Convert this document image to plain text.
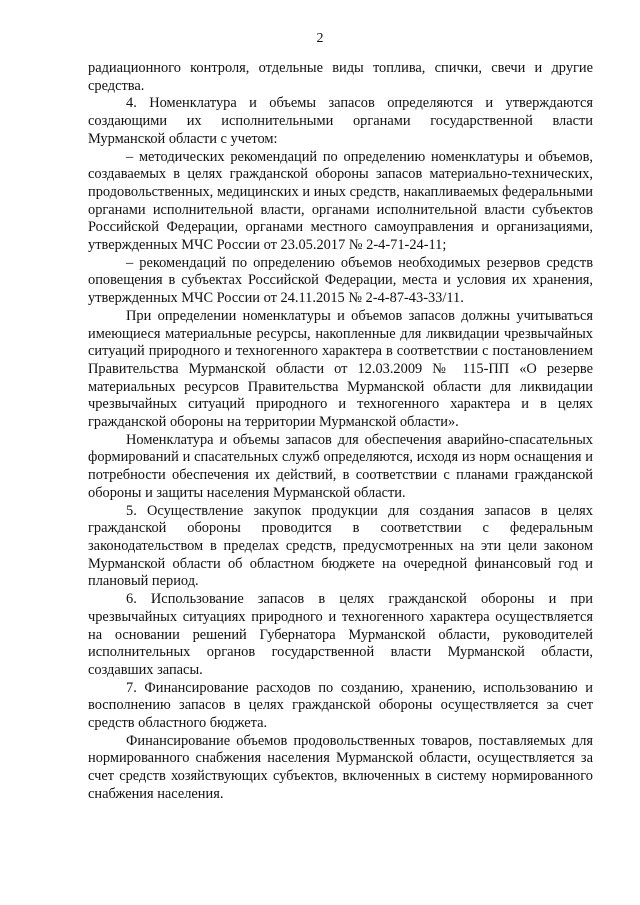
2

радиационного контроля, отдельные виды топлива, спички, свечи и другие средства.

4. Номенклатура и объемы запасов определяются и утверждаются создающими их исполнительными органами государственной власти Мурманской области с учетом:

– методических рекомендаций по определению номенклатуры и объемов, создаваемых в целях гражданской обороны запасов материально-технических, продовольственных, медицинских и иных средств, накапливаемых федеральными органами исполнительной власти, органами исполнительной власти субъектов Российской Федерации, органами местного самоуправления и организациями, утвержденных МЧС России от 23.05.2017 № 2-4-71-24-11;

– рекомендаций по определению объемов необходимых резервов средств оповещения в субъектах Российской Федерации, места и условия их хранения, утвержденных МЧС России от 24.11.2015 № 2-4-87-43-33/11.

При определении номенклатуры и объемов запасов должны учитываться имеющиеся материальные ресурсы, накопленные для ликвидации чрезвычайных ситуаций природного и техногенного характера в соответствии с постановлением Правительства Мурманской области от 12.03.2009 № 115-ПП «О резерве материальных ресурсов Правительства Мурманской области для ликвидации чрезвычайных ситуаций природного и техногенного характера и в целях гражданской обороны на территории Мурманской области».

Номенклатура и объемы запасов для обеспечения аварийно-спасательных формирований и спасательных служб определяются, исходя из норм оснащения и потребности обеспечения их действий, в соответствии с планами гражданской обороны и защиты населения Мурманской области.

5. Осуществление закупок продукции для создания запасов в целях гражданской обороны проводится в соответствии с федеральным законодательством в пределах средств, предусмотренных на эти цели законом Мурманской области об областном бюджете на очередной финансовый год и плановый период.

6. Использование запасов в целях гражданской обороны и при чрезвычайных ситуациях природного и техногенного характера осуществляется на основании решений Губернатора Мурманской области, руководителей исполнительных органов государственной власти Мурманской области, создавших запасы.

7. Финансирование расходов по созданию, хранению, использованию и восполнению запасов в целях гражданской обороны осуществляется за счет средств областного бюджета.

Финансирование объемов продовольственных товаров, поставляемых для нормированного снабжения населения Мурманской области, осуществляется за счет средств хозяйствующих субъектов, включенных в систему нормированного снабжения населения.
